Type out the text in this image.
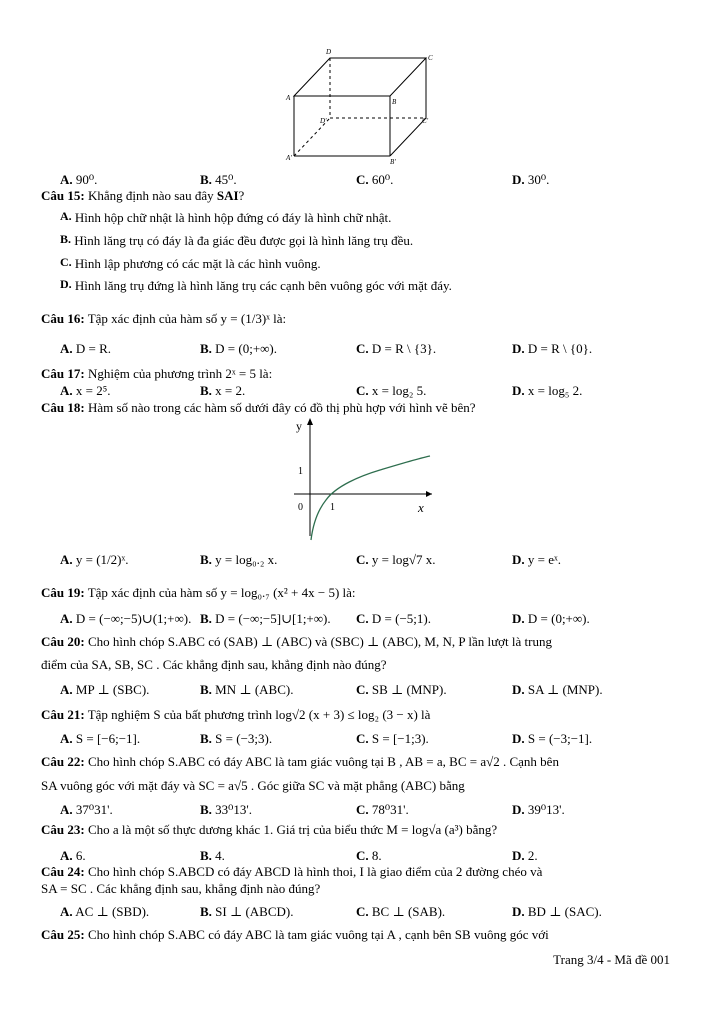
D
C
A	B
D'	C'
A'	B'
A. 90⁰.	B. 45⁰.	C. 60⁰.	D. 30⁰.
Câu 15: Khẳng định nào sau đây SAI?
A. Hình hộp chữ nhật là hình hộp đứng có đáy là hình chữ nhật.
B. Hình lăng trụ có đáy là đa giác đều được gọi là hình lăng trụ đều.
C. Hình lập phương có các mặt là các hình vuông.
D. Hình lăng trụ đứng là hình lăng trụ các cạnh bên vuông góc với mặt đáy.
Câu 16: Tập xác định của hàm số y = (1/3)ˣ là:
A. D = R.	B. D = (0;+∞).	C. D = R \ {3}.	D. D = R \ {0}.
Câu 17: Nghiệm của phương trình 2ˣ = 5 là:
A. x = 2⁵.	B. x = 2.	C. x = log₂ 5.	D. x = log₅ 2.
Câu 18: Hàm số nào trong các hàm số dưới đây có đồ thị phù hợp với hình vẽ bên?
y
x
0	1
1
A. y = (1/2)ˣ.	B. y = log₀.₂ x.	C. y = log√7 x.	D. y = eˣ.
Câu 19: Tập xác định của hàm số y = log₀.₇ (x² + 4x − 5) là:
A. D = (−∞;−5)∪(1;+∞). B. D = (−∞;−5]∪[1;+∞). C. D = (−5;1).	D. D = (0;+∞).
Câu 20: Cho hình chóp S.ABC có (SAB) ⊥ (ABC) và (SBC) ⊥ (ABC), M, N, P lần lượt là trung
điểm của SA, SB, SC . Các khẳng định sau, khẳng định nào đúng?
A. MP ⊥ (SBC).	B. MN ⊥ (ABC).	C. SB ⊥ (MNP).	D. SA ⊥ (MNP).
Câu 21: Tập nghiệm S của bất phương trình log√2 (x + 3) ≤ log₂ (3 − x) là
A. S = [−6;−1].	B. S = (−3;3).	C. S = [−1;3).	D. S = (−3;−1].
Câu 22: Cho hình chóp S.ABC có đáy ABC là tam giác vuông tại B , AB = a, BC = a√2 . Cạnh bên
SA vuông góc với mặt đáy và SC = a√5 . Góc giữa SC và mặt phẳng (ABC) bằng
A. 37⁰31'.	B. 33⁰13'.	C. 78⁰31'.	D. 39⁰13'.
Câu 23: Cho a là một số thực dương khác 1. Giá trị của biểu thức M = log√a (a³) bằng?
A. 6.	B. 4.	C. 8.	D. 2.
Câu 24: Cho hình chóp S.ABCD có đáy ABCD là hình thoi, I là giao điểm của 2 đường chéo và
SA = SC . Các khẳng định sau, khẳng định nào đúng?
A. AC ⊥ (SBD).	B. SI ⊥ (ABCD).	C. BC ⊥ (SAB).	D. BD ⊥ (SAC).
Câu 25: Cho hình chóp S.ABC có đáy ABC là tam giác vuông tại A , cạnh bên SB vuông góc với
Trang 3/4 - Mã đề 001
